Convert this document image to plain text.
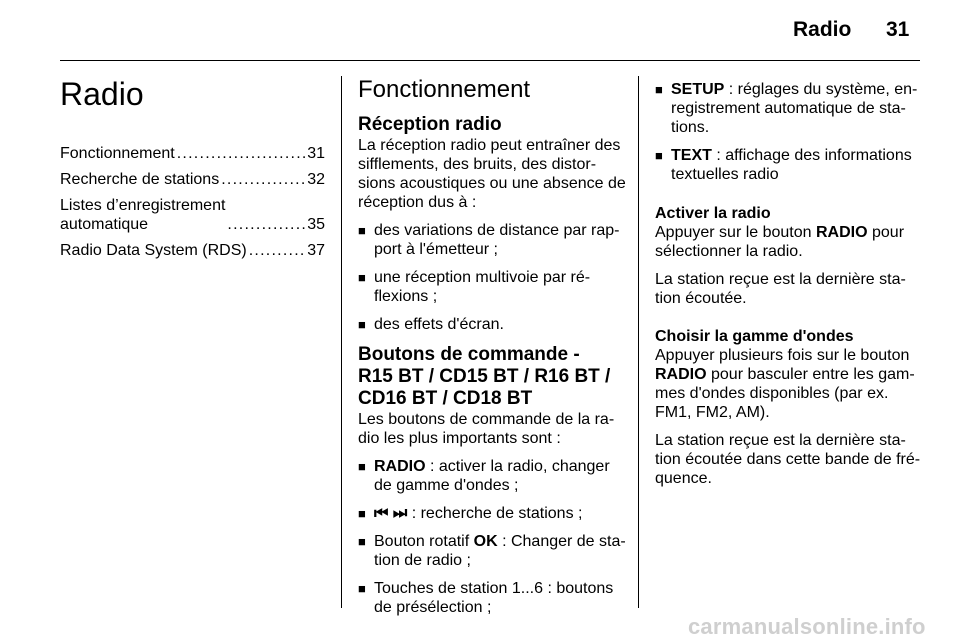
Radio 31
Radio
Fonctionnement . . .	31
Recherche de stations . . .	32
Listes d’enregistrement
automatique . . .	35
Radio Data System (RDS) . . .	37
Fonctionnement
Réception radio

La réception radio peut entraîner des sifflements, des bruits, des distor-sions acoustiques ou une absence de réception dus à :

■ des variations de distance par rap-port à l'émetteur ;
■ une réception multivoie par ré-flexions ;
■ des effets d'écran.
Boutons de commande -
R15 BT / CD15 BT / R16 BT /
CD16 BT / CD18 BT

Les boutons de commande de la ra-dio les plus importants sont :

■ RADIO : activer la radio, changer de gamme d'ondes ;
■ ⏮ ⏭ : recherche de stations ;
■ Bouton rotatif OK : Changer de sta-tion de radio ;
■ Touches de station 1...6 : boutons de présélection ;
■ SETUP : réglages du système, en-registrement automatique de sta-tions.
■ TEXT : affichage des informations textuelles radio

Activer la radio

Appuyer sur le bouton RADIO pour sélectionner la radio.

La station reçue est la dernière sta-tion écoutée.

Choisir la gamme d'ondes

Appuyer plusieurs fois sur le bouton RADIO pour basculer entre les gam-mes d'ondes disponibles (par ex. FM1, FM2, AM).

La station reçue est la dernière sta-tion écoutée dans cette bande de fré-quence.

carmanualsonline.info
